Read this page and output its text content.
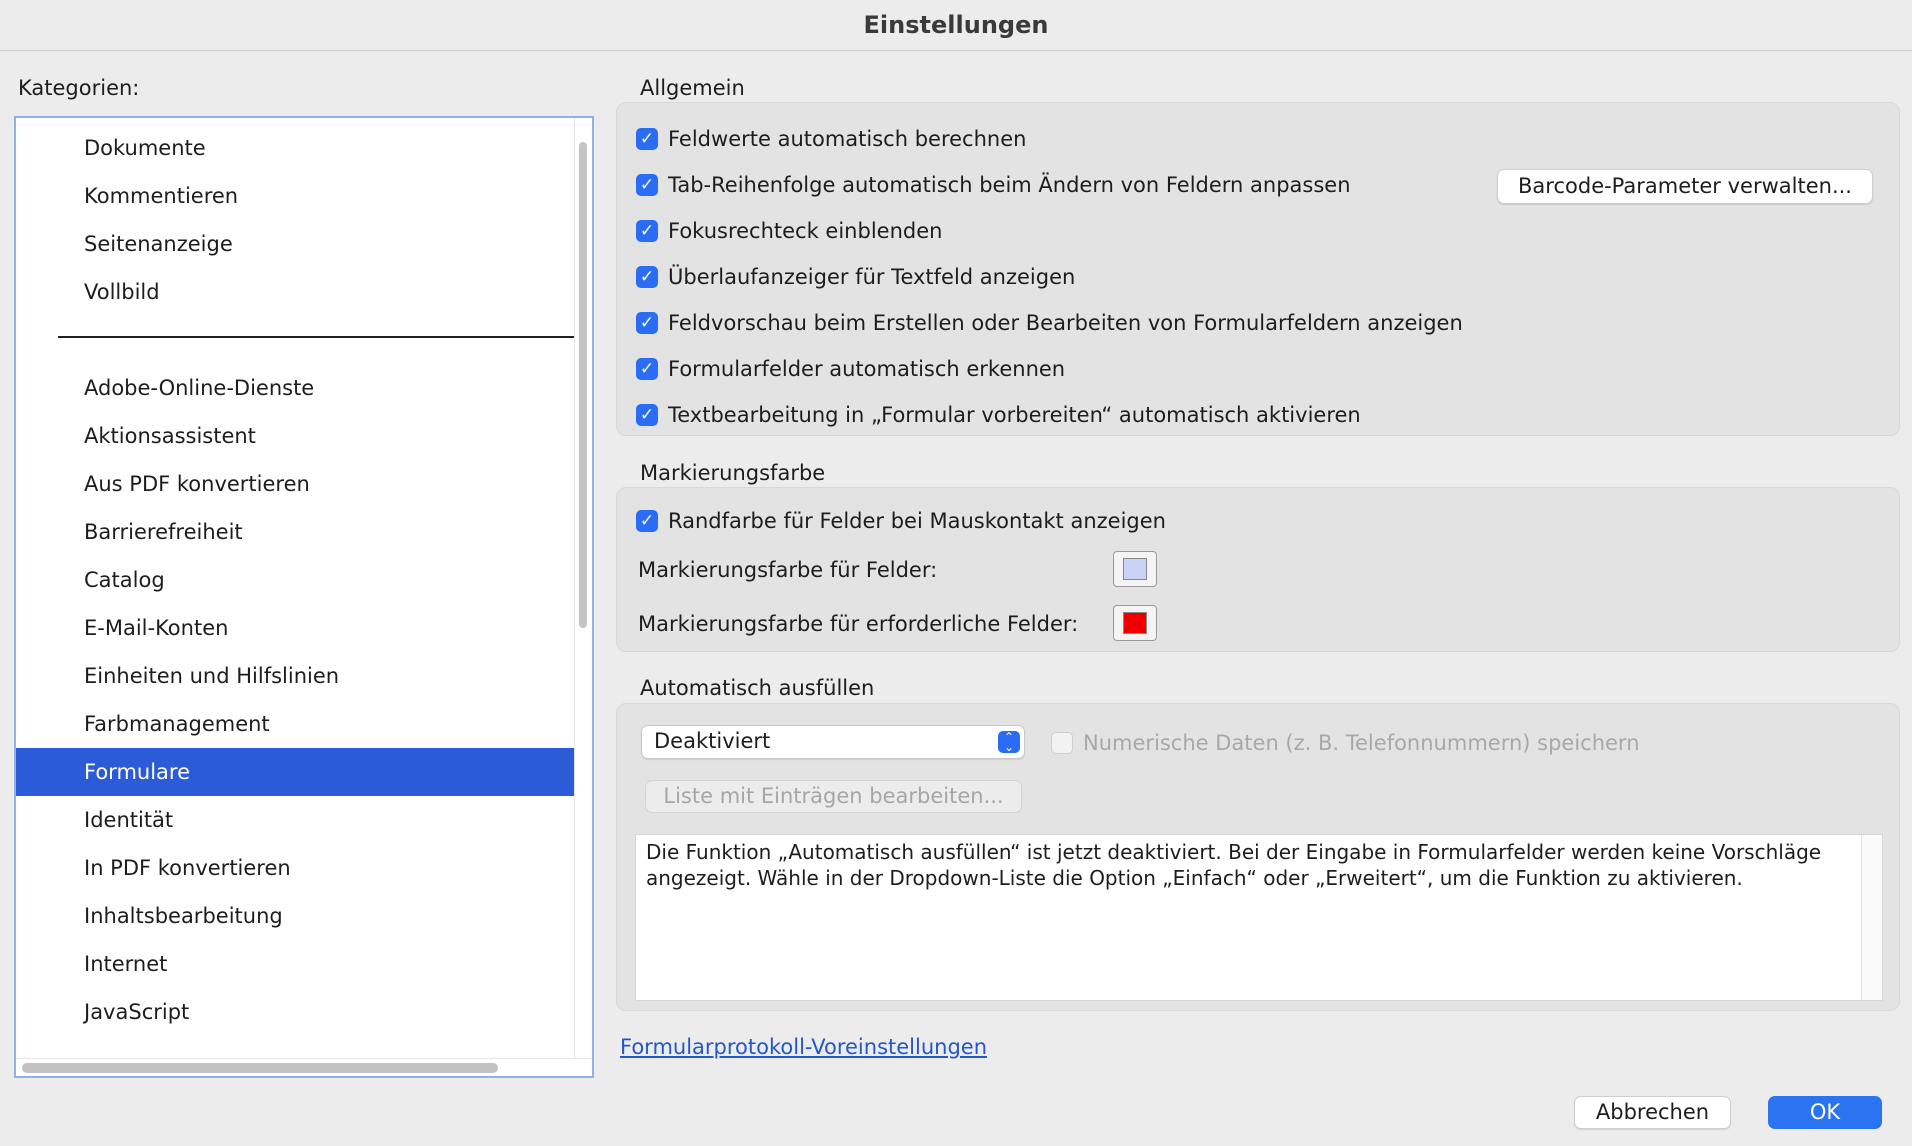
Einstellungen
Kategorien:
Dokumente
Kommentieren
Seitenanzeige
Vollbild
Adobe-Online-Dienste
Aktionsassistent
Aus PDF konvertieren
Barrierefreiheit
Catalog
E-Mail-Konten
Einheiten und Hilfslinien
Farbmanagement
Formulare
Identität
In PDF konvertieren
Inhaltsbearbeitung
Internet
JavaScript
Allgemein
✓ Feldwerte automatisch berechnen
✓ Tab-Reihenfolge automatisch beim Ändern von Feldern anpassen
✓ Fokusrechteck einblenden
✓ Überlaufanzeiger für Textfeld anzeigen
✓ Feldvorschau beim Erstellen oder Bearbeiten von Formularfeldern anzeigen
✓ Formularfelder automatisch erkennen
✓ Textbearbeitung in „Formular vorbereiten“ automatisch aktivieren
Barcode-Parameter verwalten...
Markierungsfarbe
✓ Randfarbe für Felder bei Mauskontakt anzeigen
Markierungsfarbe für Felder:
Markierungsfarbe für erforderliche Felder:
Automatisch ausfüllen
Deaktiviert	⌃
⌄	Numerische Daten (z. B. Telefonnummern) speichern
Liste mit Einträgen bearbeiten...
Die Funktion „Automatisch ausfüllen“ ist jetzt deaktiviert. Bei der Eingabe in Formularfelder werden keine Vorschläge angezeigt. Wähle in der Dropdown-Liste die Option „Einfach“ oder „Erweitert“, um die Funktion zu aktivieren.
Formularprotokoll-Voreinstellungen
Abbrechen	OK
